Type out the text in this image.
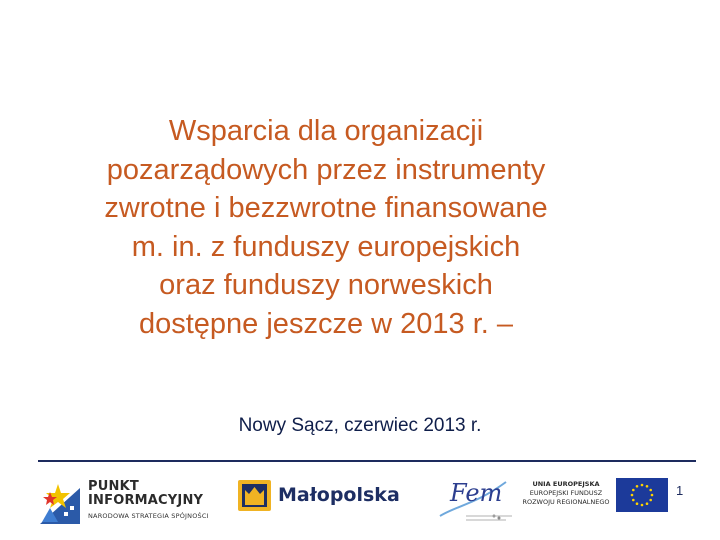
Wsparcia dla organizacji
pozarządowych przez instrumenty
zwrotne i bezzwrotne finansowane
m. in. z funduszy europejskich
oraz funduszy norweskich
dostępne jeszcze w 2013 r. –

Nowy Sącz, czerwiec 2013 r.

PUNKT
INFORMACYJNY
NARODOWA STRATEGIA SPÓJNOŚCI
Małopolska Fem	UNIA EUROPEJSKA
EUROPEJSKI FUNDUSZ
ROZWOJU REGIONALNEGO
1
